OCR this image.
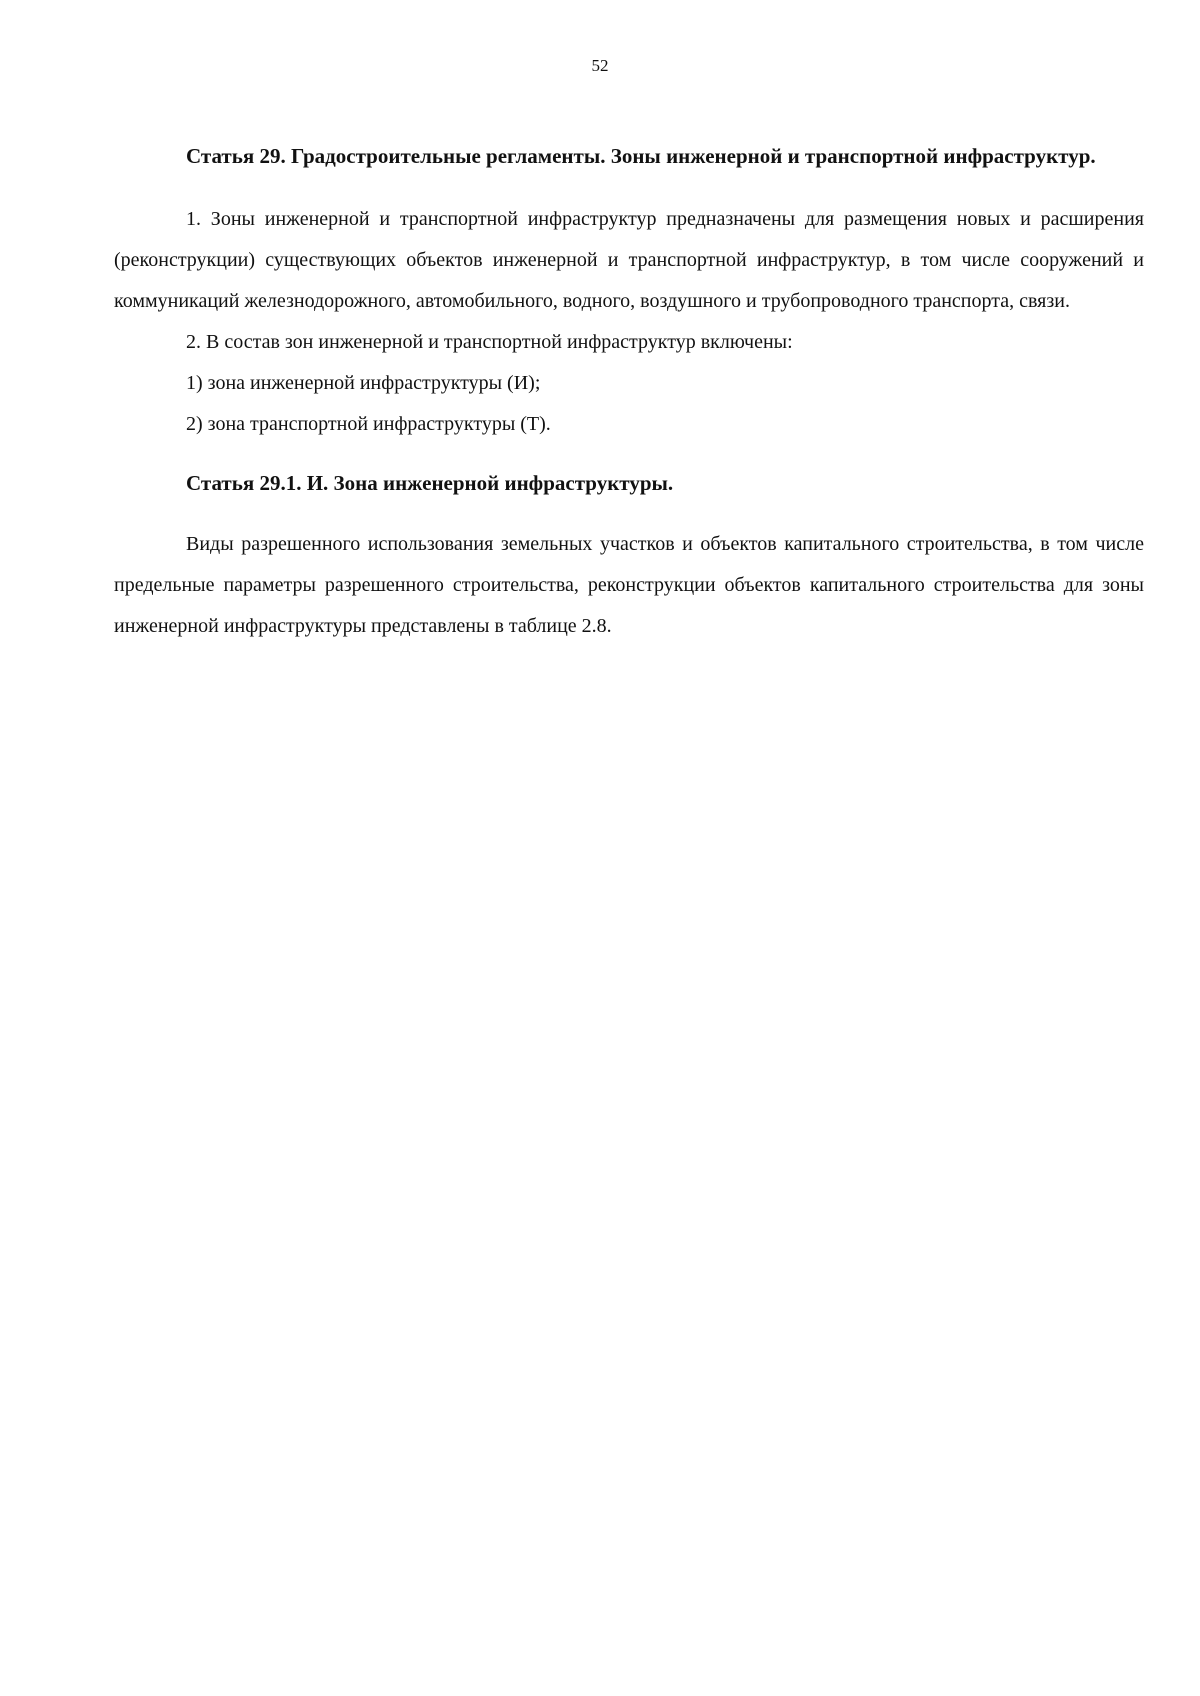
52

Статья 29. Градостроительные регламенты. Зоны инженерной и транспортной инфраструктур.

1. Зоны инженерной и транспортной инфраструктур предназначены для размещения новых и расширения (реконструкции) существующих объектов инженерной и транспортной инфраструктур, в том числе сооружений и коммуникаций железнодорожного, автомобильного, водного, воздушного и трубопроводного транспорта, связи.

2. В состав зон инженерной и транспортной инфраструктур включены:

1) зона инженерной инфраструктуры (И);

2) зона транспортной инфраструктуры (Т).

Статья 29.1. И. Зона инженерной инфраструктуры.

Виды разрешенного использования земельных участков и объектов капитального строительства, в том числе предельные параметры разрешенного строительства, реконструкции объектов капитального строительства для зоны инженерной инфраструктуры представлены в таблице 2.8.
